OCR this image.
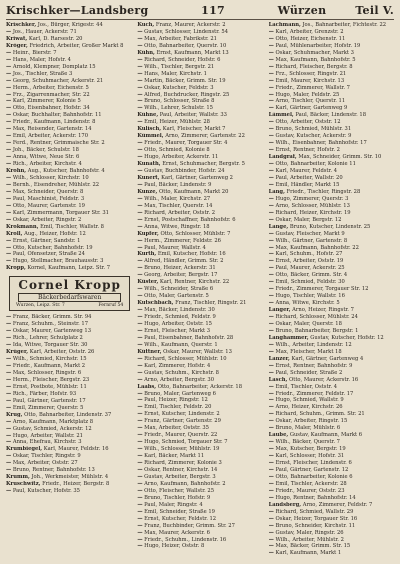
Krischker—Landsberg	117	Würzen	Teil V.
Krischker, Jos., Bürger, Krigestr. 44
— Jos., Hauer, Ackerstr. 71
Kriwat, Karl, D. Rarsestr. 20
Kröger, Friedrich, Arbeiter, Großer Markt 8
— Heinr., Bierstr. 7
— Hans, Maler, Hofstr. 4
— Arnold, Klempner, Domplatz 15
— Jos., Tischler, Straße 3
— Georg, Schuhmacher, Ackerstr. 21
— Herm., Arbeiter, Eichenstr. 5
— Frz., Zigarrenmacher, Str. 22
— Karl, Zimmerer, Kolonie 5
— Otto, Eisenbahner, Hofstr. 34
— Oskar, Buchhalter, Bahnhofstr. 11
— Friedr., Kaufmann, Lindenstr. 8
— Max, Reisender, Gartenstr. 14
— Emil, Arbeiter, Ackerstr. 170
— Ferd., Rentner, Grimmaische Str. 2
— Joh., Bäcker, Schulstr. 18
— Anna, Witwe, Neue Str. 6
— Rich., Arbeiter, Kirchstr. 4
Krohn, Aug., Kutscher, Bahnhofstr. 4
— Wilh., Schlosser, Kirchstr. 10
— Bernh., Eisendreher, Mühlstr. 22
— Max, Schneider, Querstr. 8
— Paul, Maschinist, Feldstr. 3
— Otto, Maurer, Gartenstr. 19
— Karl, Zimmermann, Torgauer Str. 31
— Oskar, Arbeiter, Ringstr. 2
Krokmann, Emil, Tischler, Wallstr. 8
Kroll, Aug., Heizer, Hofstr. 12
— Ernst, Gärtner, Sandstr. 1
— Otto, Kutscher, Bahnhofstr. 19
— Paul, Ofensetzer, Straße 24
— Hugo, Stellmacher, Brauhausstr. 3
Kropp, Kornel, Kaufmann, Leipz. Str. 7
Cornel Kropp
Bäckerbedarfswaren
Wurzen, Leipz. Str. 7	Fernruf 54
— Franz, Bäcker, Grimm. Str. 94
— Franz, Schuhm., Steinstr. 17
— Oskar, Maurer, Gartenweg 13
— Rich., Lehrer, Schulplatz 2
— Ida, Witwe, Torgauer Str. 30
Krüger, Karl, Arbeiter, Oststr. 26
— Wilh., Schmied, Kirchstr. 15
— Friedr., Kaufmann, Markt 2
— Max, Schlosser, Ringstr. 6
— Herm., Fleischer, Bergstr. 23
— Ernst, Postbote, Mühlstr. 11
— Rich., Färber, Hofstr. 93
— Paul, Gärtner, Gartenstr. 17
— Emil, Zimmerer, Querstr. 5
Krug, Otto, Bahnarbeiter, Lindenstr. 37
— Arno, Kaufmann, Marktplatz 8
— Gustav, Schmied, Ackerstr. 12
— Hugo, Arbeiter, Wallstr. 21
— Anna, Ehefrau, Kirchstr. 3
Krumbiegel, Karl, Maurer, Feldstr. 16
— Oskar, Tischler, Ringstr. 9
— Max, Arbeiter, Oststr. 27
— Bruno, Rentner, Bahnhofstr. 13
Krumm, Joh., Werkmeister, Mühlstr. 4
Kruschwitz, Friedr., Heizer, Bergstr. 8
— Paul, Kutscher, Hofstr. 35
Kuch, Franz, Maurer, Ackerstr. 2
— Gustav, Schlosser, Lindenstr. 54
— Max, Arbeiter, Fabrikstr. 21
— Otto, Bahnarbeiter, Querstr. 10
Kühn, Ernst, Kaufmann, Markt 13
— Richard, Schneider, Hofstr. 6
— Wilh., Tischler, Bergstr. 21
— Hans, Maler, Kirchstr. 1
— Martin, Bäcker, Grimm. Str. 19
— Oskar, Kutscher, Feldstr. 3
— Alfred, Buchdrucker, Ringstr. 25
— Bruno, Schlosser, Straße 8
— Wilh., Lehrer, Schulstr. 15
Kühne, Paul, Arbeiter, Wallstr. 33
— Emil, Heizer, Mühlstr. 28
Kulisch, Karl, Fleischer, Markt 7
Kümmel, Arno, Zimmerer, Gartenstr. 22
— Friedr., Maurer, Torgauer Str. 4
— Otto, Schmied, Kolonie 8
— Hugo, Arbeiter, Ackerstr. 11
Kunath, Ernst, Schuhmacher, Bergstr. 5
— Gustav, Buchbinder, Hofstr. 24
Kunert, Karl, Gärtner, Gartenweg 2
— Paul, Bäcker, Lindenstr. 9
Kunze, Otto, Kaufmann, Markt 20
— Wilh., Maler, Kirchstr. 27
— Max, Tischler, Querstr. 14
— Richard, Arbeiter, Oststr. 2
— Ernst, Postschaffner, Bahnhofstr. 6
— Anna, Witwe, Ringstr. 18
Kupfer, Otto, Schlosser, Mühlstr. 7
— Herm., Zimmerer, Feldstr. 26
— Paul, Maurer, Wallstr. 4
Kurth, Emil, Kutscher, Hofstr. 16
— Alfred, Händler, Grimm. Str. 2
— Bruno, Heizer, Ackerstr. 31
— Georg, Arbeiter, Bergstr. 17
Küster, Karl, Rentner, Kirchstr. 22
— Wilh., Schneider, Straße 6
— Otto, Maler, Gartenstr. 5
Kutschbach, Franz, Tischler, Ringstr. 21
— Max, Bäcker, Lindenstr. 30
— Friedr., Schmied, Feldstr. 9
— Hugo, Arbeiter, Oststr. 15
— Ernst, Fleischer, Markt 3
— Paul, Eisenbahner, Bahnhofstr. 28
— Wilh., Kaufmann, Querstr. 1
Küttner, Oskar, Maurer, Wallstr. 13
— Richard, Schlosser, Mühlstr. 10
— Karl, Zimmerer, Hofstr. 4
— Gustav, Schuhm., Kirchstr. 8
— Arno, Arbeiter, Bergstr. 30
Laabs, Otto, Bahnarbeiter, Ackerstr. 18
— Bruno, Maler, Gartenweg 6
— Paul, Heizer, Ringstr. 12
— Emil, Tischler, Feldstr. 20
— Ernst, Kutscher, Lindenstr. 2
— Franz, Gärtner, Gartenstr. 29
— Max, Arbeiter, Oststr. 35
— Friedr., Maurer, Querstr. 22
— Hugo, Schmied, Torgauer Str. 7
— Wilh., Schlosser, Mühlstr. 19
— Karl, Bäcker, Markt 11
— Richard, Zimmerer, Kolonie 3
— Oskar, Rentner, Kirchstr. 14
— Gustav, Arbeiter, Bergstr. 3
— Arno, Kaufmann, Bahnhofstr. 2
— Otto, Fleischer, Wallstr. 25
— Bruno, Tischler, Hofstr. 9
— Paul, Maler, Ringstr. 4
— Emil, Schneider, Straße 19
— Ernst, Kutscher, Feldstr. 12
— Franz, Buchbinder, Grimm. Str. 27
— Max, Maurer, Ackerstr. 6
— Friedr., Schuhm., Lindenstr. 16
— Hugo, Heizer, Oststr. 8
Lachmann, Jos., Bahnarbeiter, Fichtestr. 22
— Karl, Arbeiter, Grenzstr. 2
— Otto, Heizer, Eichenstr. 11
— Paul, Mühlenarbeiter, Hofstr. 19
— Oskar, Schuhmacher, Markt 3
— Max, Kaufmann, Bahnhofstr. 5
— Richard, Fleischer, Bergstr. 8
— Frz., Schlosser, Ringstr. 21
— Emil, Maurer, Kirchstr. 13
— Friedr., Zimmerer, Wallstr. 7
— Hugo, Maler, Feldstr. 25
— Arno, Tischler, Querstr. 11
— Karl, Gärtner, Gartenweg 9
Lämmel, Paul, Bäcker, Lindenstr. 18
— Otto, Arbeiter, Oststr. 12
— Bruno, Schmied, Mühlstr. 31
— Gustav, Kutscher, Ackerstr. 9
— Wilh., Eisenbahner, Bahnhofstr. 17
— Ernst, Rentner, Hofstr. 2
Landgraf, Max, Schneider, Grimm. Str. 10
— Otto, Bahnarbeiter, Kolonie 11
— Karl, Maurer, Feldstr. 4
— Paul, Arbeiter, Wallstr. 20
— Emil, Händler, Markt 15
Lang, Friedr., Tischler, Ringstr. 28
— Hugo, Zimmerer, Querstr. 3
— Arno, Schlosser, Mühlstr. 13
— Richard, Heizer, Kirchstr. 19
— Oskar, Maler, Bergstr. 12
Lange, Bruno, Kutscher, Lindenstr. 25
— Gustav, Fleischer, Markt 9
— Wilh., Gärtner, Gartenstr. 8
— Max, Kaufmann, Bahnhofstr. 22
— Karl, Schuhm., Hofstr. 27
— Ernst, Arbeiter, Oststr. 19
— Paul, Maurer, Ackerstr. 25
— Otto, Bäcker, Grimm. Str. 4
— Emil, Schmied, Feldstr. 30
— Friedr., Zimmerer, Torgauer Str. 12
— Hugo, Tischler, Wallstr. 16
— Anna, Witwe, Kirchstr. 5
Langer, Arno, Heizer, Ringstr. 7
— Richard, Schlosser, Mühlstr. 24
— Oskar, Maler, Querstr. 18
— Bruno, Bahnarbeiter, Bergstr. 1
Langhammer, Gustav, Kutscher, Hofstr. 12
— Wilh., Arbeiter, Lindenstr. 12
— Max, Fleischer, Markt 18
Lanzer, Karl, Gärtner, Gartenweg 4
— Ernst, Rentner, Bahnhofstr. 9
— Paul, Schneider, Straße 2
Lasch, Otto, Maurer, Ackerstr. 16
— Emil, Tischler, Oststr. 4
— Friedr., Zimmerer, Feldstr. 17
— Hugo, Schmied, Wallstr. 9
— Arno, Heizer, Kirchstr. 26
— Richard, Schuhm., Grimm. Str. 21
— Oskar, Arbeiter, Ringstr. 15
— Bruno, Maler, Mühlstr. 6
Laube, Gustav, Kaufmann, Markt 6
— Wilh., Bäcker, Querstr. 7
— Max, Kutscher, Bergstr. 19
— Karl, Schlosser, Hofstr. 31
— Ernst, Fleischer, Lindenstr. 6
— Paul, Gärtner, Gartenstr. 12
— Otto, Bahnarbeiter, Kolonie 6
— Emil, Tischler, Ackerstr. 28
— Friedr., Maurer, Oststr. 23
— Hugo, Rentner, Bahnhofstr. 14
Landsberg, Arno, Zimmerer, Feldstr. 7
— Richard, Schmied, Wallstr. 29
— Oskar, Heizer, Torgauer Str. 16
— Bruno, Schneider, Kirchstr. 11
— Gustav, Maler, Ringstr. 26
— Wilh., Arbeiter, Mühlstr. 2
— Max, Bäcker, Grimm. Str. 15
— Karl, Kaufmann, Markt 1
